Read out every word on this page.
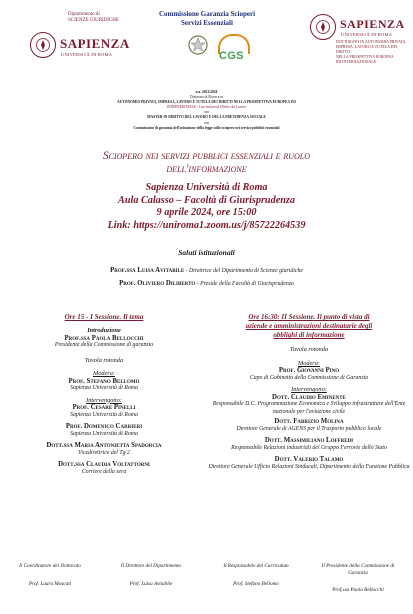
Dipartimento di
SCIENZE GIURIDICHE
SAPIENZA
UNIVERSITÀ DI ROMA
Commissione Garanzia Scioperi
Servizi Essenziali
CGS
SAPIENZA
UNIVERSITÀ DI ROMA
DOTTORATO IN AUTONOMIA PRIVATA,
IMPRESA, LAVORO E TUTELA DEI DIRITTI
NELLA PROSPETTIVA EUROPEA
ED INTERNAZIONALE
a.a. 2023/2024
Dottorato di Ricerca in
AUTONOMIA PRIVATA, IMPRESA, LAVORO E TUTELA DEI DIRITTI NELLA PROSPETTIVA EUROPEA ED
INTERNAZIONALE - Curriculum di Diritto del Lavoro
con
MASTER IN DIRITTO DEL LAVORO E DELLA PREVIDENZA SOCIALE
con
Commissione di garanzia dell'attuazione della legge sullo sciopero nei servizi pubblici essenziali
Sciopero nei servizi pubblici essenziali e ruolo
dell'informazione
Sapienza Università di Roma
Aula Calasso – Facoltà di Giurisprudenza
9 aprile 2024, ore 15:00
Link: https://uniroma1.zoom.us/j/85722264539
Saluti istituzionali
Prof.ssa Luisa Avitabile - Direttrice del Dipartimento di Scienze giuridiche
Prof. Oliviero Diliberto - Preside della Facoltà di Giurisprudenza
Ore 15 - I Sessione. Il tema
Introduzione
Prof.ssa Paola Bellocchi
Presidente della Commissione di garanzia
Tavola rotonda
Modera:
Prof. Stefano Bellomo
Sapienza Università di Roma
Intervengono:
Prof. Cesare Pinelli
Sapienza Università di Roma
Prof. Domenico Carrieri
Sapienza Università di Roma
Dott.ssa Maria Antonietta Spadorcia
Vicedirettrice del Tg 2
Dott.ssa Claudia Voltattorni
Corriere della sera
Ore 16:30: II Sessione. Il punto di vista di
aziende e amministrazioni destinatarie degli
obblighi di informazione
Tavola rotonda
Modera:
Prof. Giovanni Pino
Capo di Gabinetto della Commissione di Garanzia
Intervengono:
Dott. Claudio Eminente
Responsabile D.C. Programmazione Economica e Sviluppo infrastrutture dell'Ente nazionale per l'aviazione civile
Dott. Fabrizio Molina
Direttore Generale di AGENS per il Trasporto pubblico locale
Dott. Massimiliano Loffredi
Responsabile Relazioni industriali del Gruppo Ferrovie dello Stato
Dott. Valerio Talamo
Direttore Generale Ufficio Relazioni Sindacali, Dipartimento della Funzione Pubblica
Il Coordinatore del Dottorato
Prof. Laura Moscati
Il Direttore del Dipartimento
Prof. Luisa Avitabile
Il Responsabile del Curriculum
Prof. Stefano Bellomo
Il Presidente della Commissione di Garanzia
Prof.ssa Paola Bellocchi
